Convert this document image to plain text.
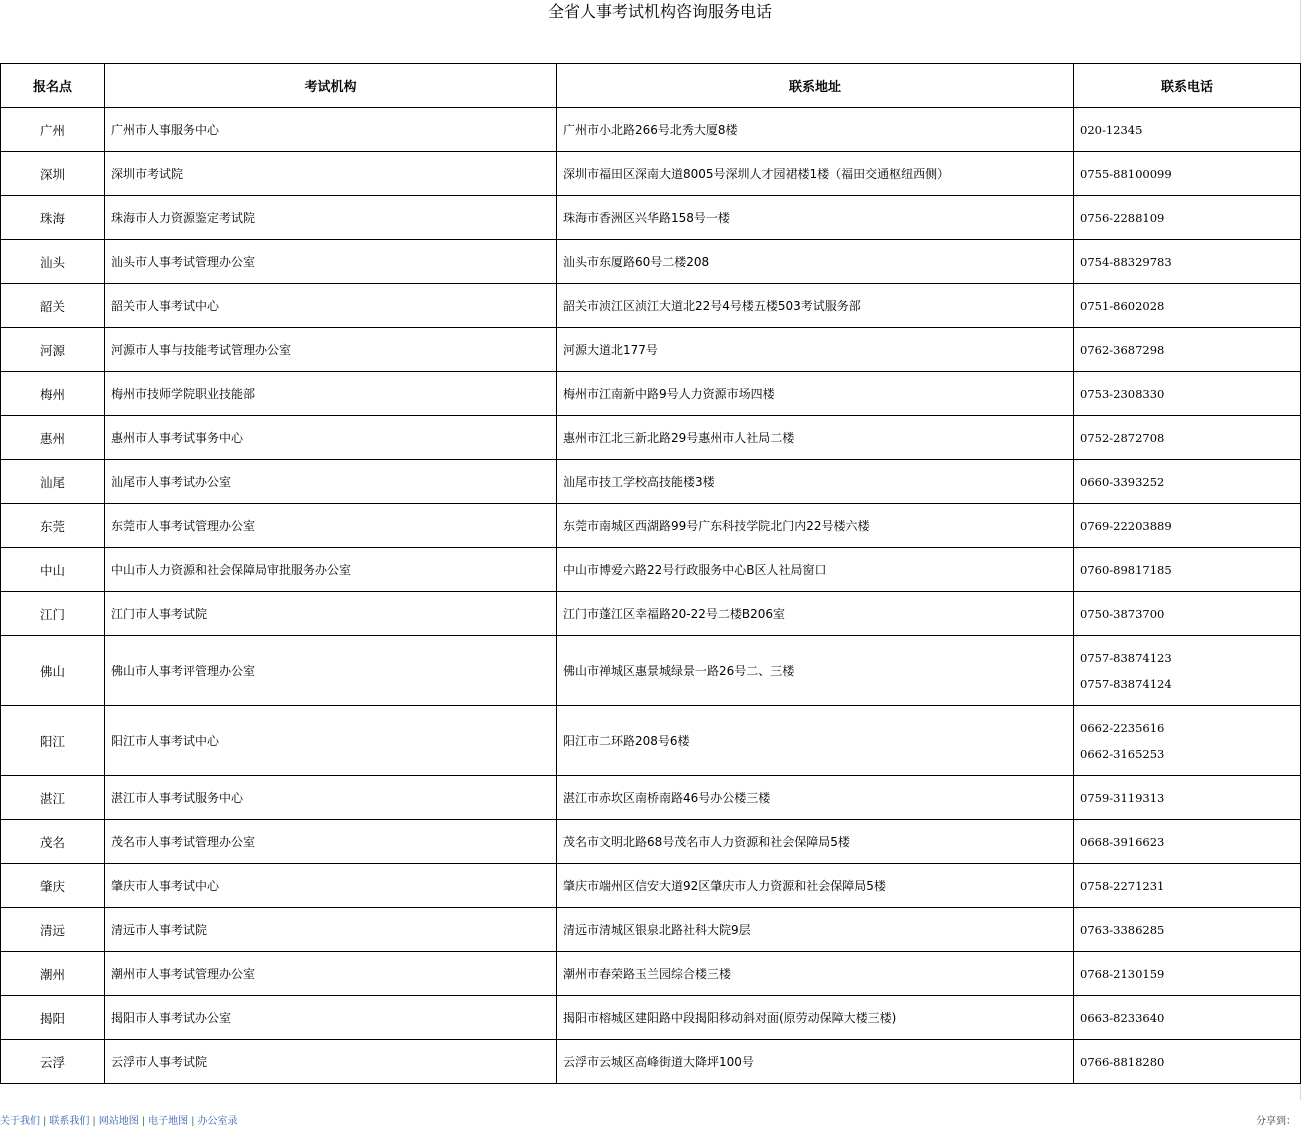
全省人事考试机构咨询服务电话
报名点	考试机构	联系地址	联系电话
广州	广州市人事服务中心	广州市小北路266号北秀大厦8楼	020-12345

深圳	深圳市考试院	深圳市福田区深南大道8005号深圳人才园裙楼1楼（福田交通枢纽西侧）	0755-88100099

珠海	珠海市人力资源鉴定考试院	珠海市香洲区兴华路158号一楼	0756-2288109

汕头	汕头市人事考试管理办公室	汕头市东厦路60号二楼208	0754-88329783

韶关	韶关市人事考试中心	韶关市浈江区浈江大道北22号4号楼五楼503考试服务部	0751-8602028

河源	河源市人事与技能考试管理办公室	河源大道北177号	0762-3687298

梅州	梅州市技师学院职业技能部	梅州市江南新中路9号人力资源市场四楼	0753-2308330

惠州	惠州市人事考试事务中心	惠州市江北三新北路29号惠州市人社局二楼	0752-2872708

汕尾	汕尾市人事考试办公室	汕尾市技工学校高技能楼3楼	0660-3393252

东莞	东莞市人事考试管理办公室	东莞市南城区西湖路99号广东科技学院北门内22号楼六楼	0769-22203889

中山	中山市人力资源和社会保障局审批服务办公室	中山市博爱六路22号行政服务中心B区人社局窗口	0760-89817185

江门	江门市人事考试院	江门市蓬江区幸福路20-22号二楼B206室	0750-3873700

佛山	佛山市人事考评管理办公室	佛山市禅城区惠景城绿景一路26号二、三楼	0757-83874123
0757-83874124

阳江	阳江市人事考试中心	阳江市二环路208号6楼	0662-2235616
0662-3165253

湛江	湛江市人事考试服务中心	湛江市赤坎区南桥南路46号办公楼三楼	0759-3119313

茂名	茂名市人事考试管理办公室	茂名市文明北路68号茂名市人力资源和社会保障局5楼	0668-3916623

肇庆	肇庆市人事考试中心	肇庆市端州区信安大道92区肇庆市人力资源和社会保障局5楼	0758-2271231

清远	清远市人事考试院	清远市清城区银泉北路社科大院9层	0763-3386285

潮州	潮州市人事考试管理办公室	潮州市春荣路玉兰园综合楼三楼	0768-2130159

揭阳	揭阳市人事考试办公室	揭阳市榕城区建阳路中段揭阳移动斜对面(原劳动保障大楼三楼)	0663-8233640

云浮	云浮市人事考试院	云浮市云城区高峰街道大降坪100号	0766-8818280
关于我们 | 联系我们 | 网站地图 | 电子地图 | 办公室录	分享到：
